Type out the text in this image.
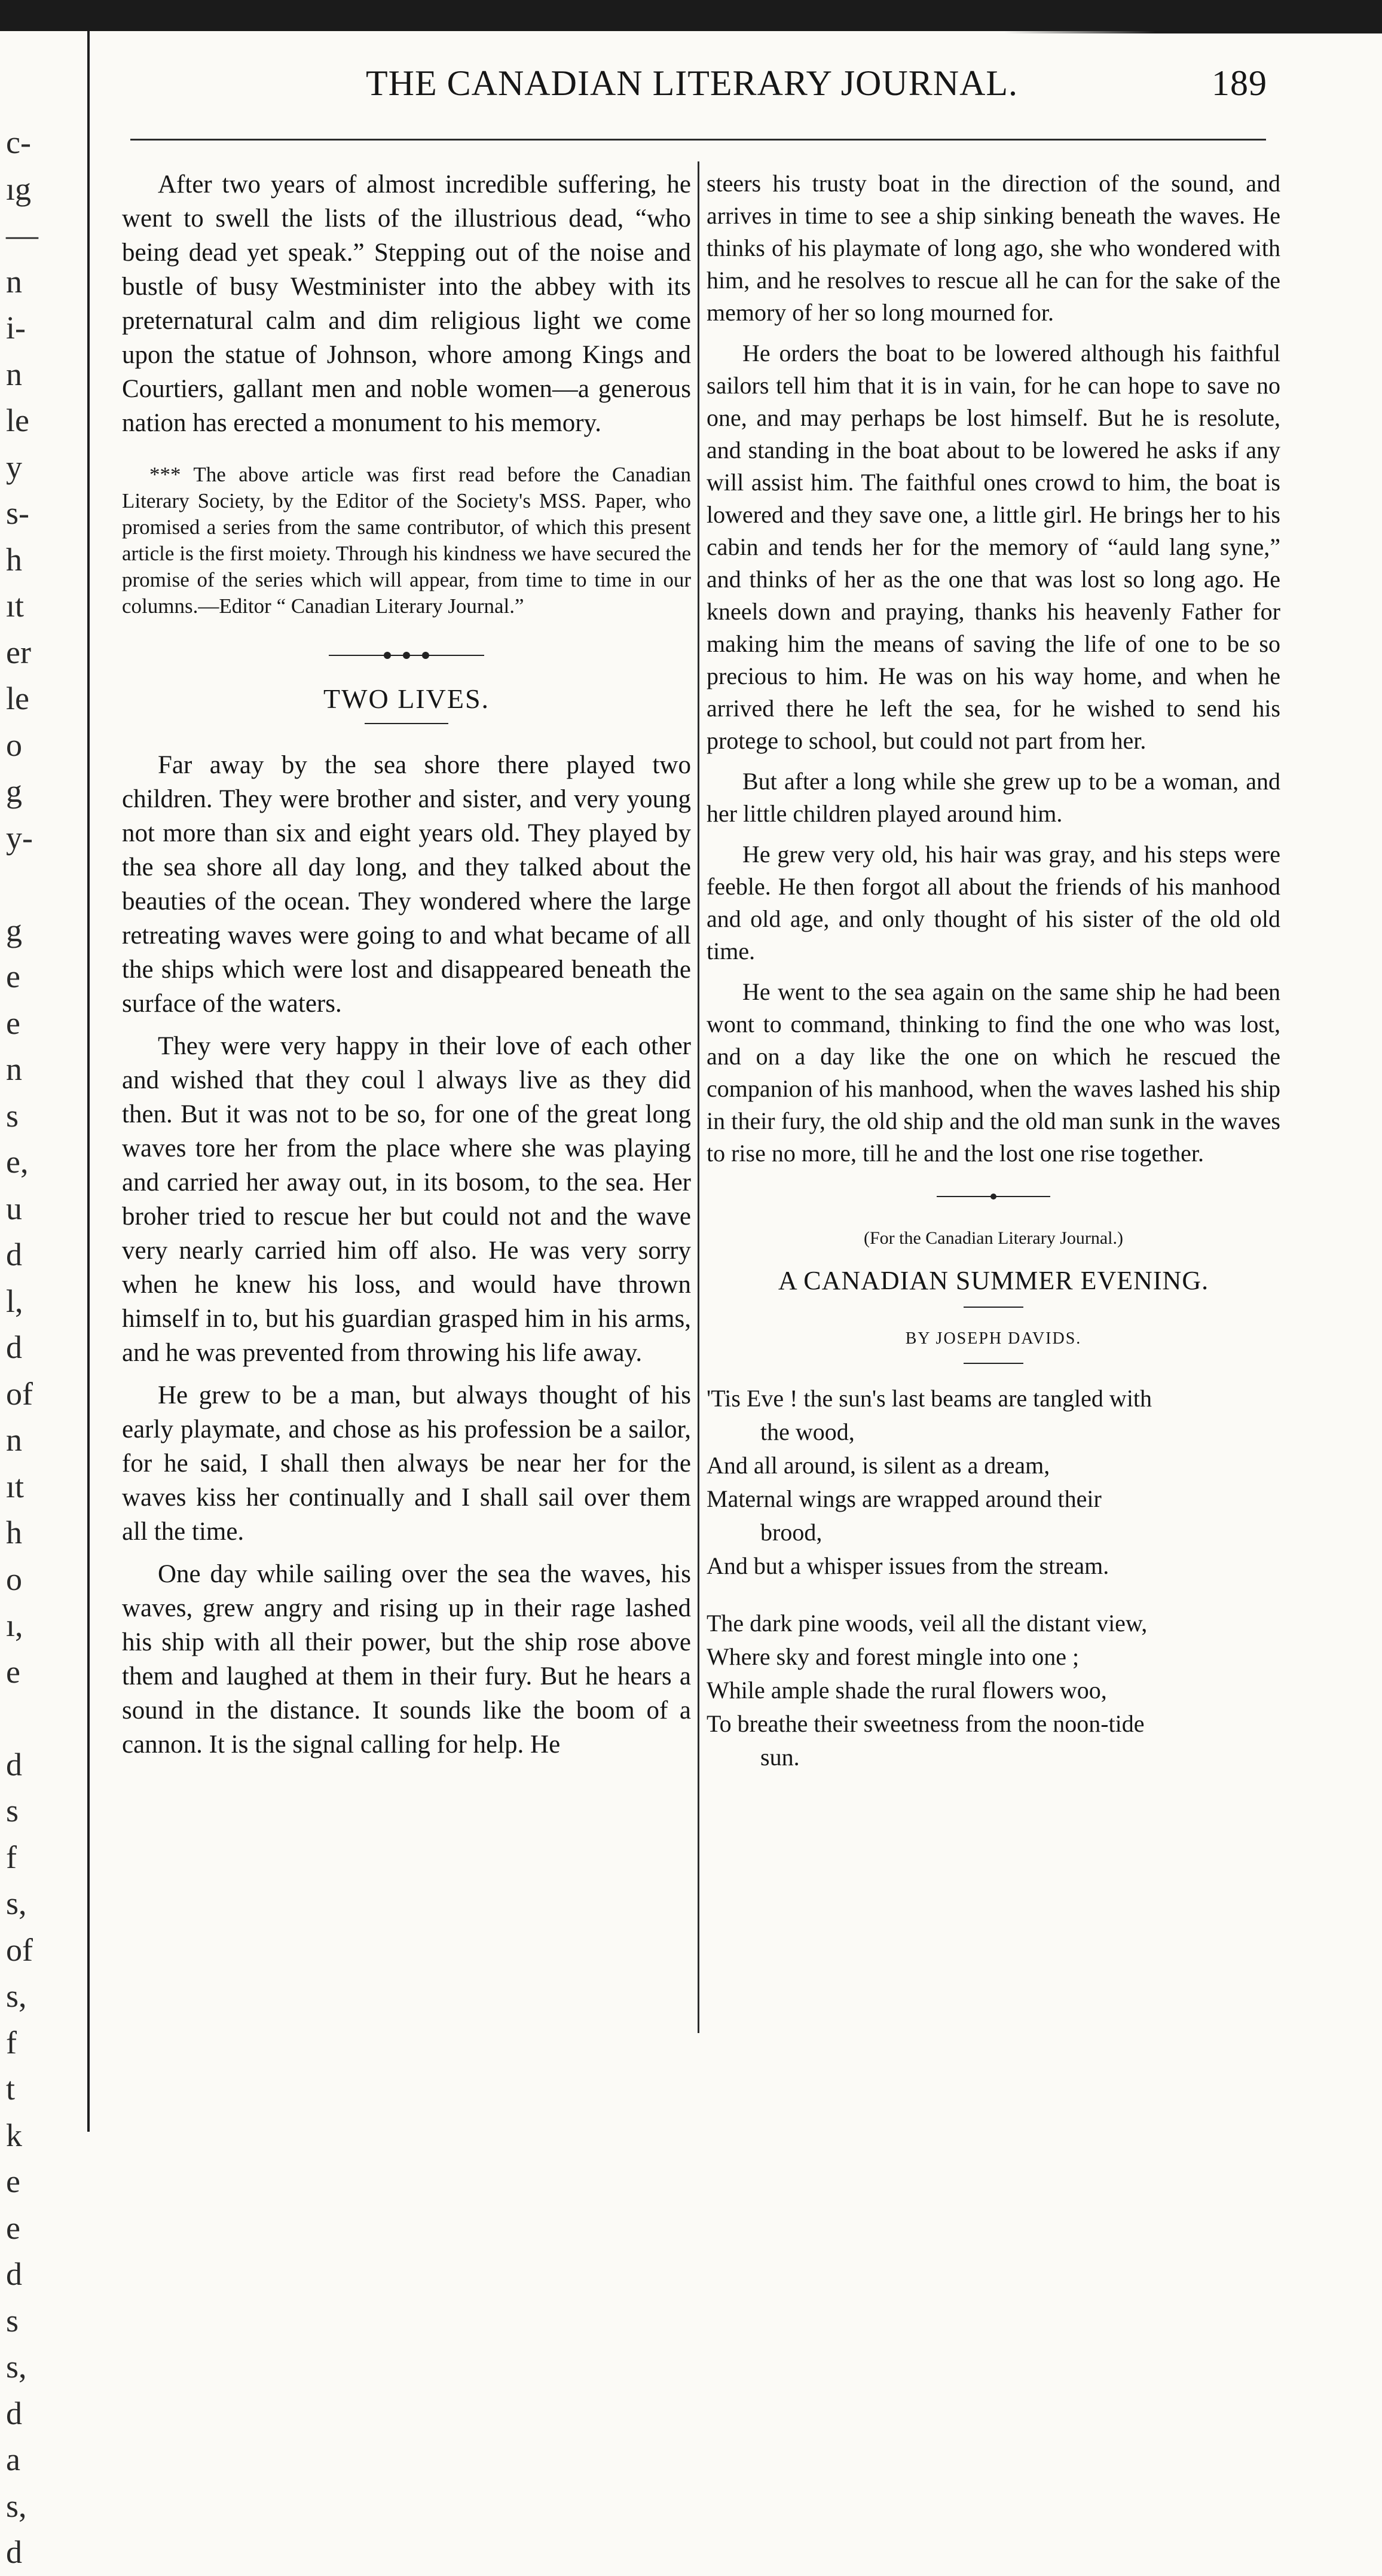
c-
ıg
—
n
i-
n
le
y
s-
h
ıt
er
le
o
g
y-
g
e
e
n
s
e,
u
d
l,
d
of
n
ıt
h
o
ı,
e
d
s
f
s,
of
s,
f
t
k
e
e
d
s
s,
d
a
s,
d
THE CANADIAN LITERARY JOURNAL.	189

After two years of almost incredible suffering, he went to swell the lists of the illustrious dead, “who being dead yet speak.” Stepping out of the noise and bustle of busy Westminister into the abbey with its preternatural calm and dim religious light we come upon the statue of Johnson, whore among Kings and Courtiers, gallant men and noble women—a generous nation has erected a monument to his memory.

*** The above article was first read before the Canadian Literary Society, by the Editor of the Society's MSS. Paper, who promised a series from the same contributor, of which this present article is the first moiety. Through his kindness we have secured the promise of the series which will appear, from time to time in our columns.—Editor “ Canadian Literary Journal.”

TWO LIVES.

Far away by the sea shore there played two children. They were brother and sister, and very young not more than six and eight years old. They played by the sea shore all day long, and they talked about the beauties of the ocean. They wondered where the large retreating waves were going to and what became of all the ships which were lost and disappeared beneath the surface of the waters.

They were very happy in their love of each other and wished that they coul l always live as they did then. But it was not to be so, for one of the great long waves tore her from the place where she was playing and carried her away out, in its bosom, to the sea. Her broher tried to rescue her but could not and the wave very nearly carried him off also. He was very sorry when he knew his loss, and would have thrown himself in to, but his guardian grasped him in his arms, and he was prevented from throwing his life away.

He grew to be a man, but always thought of his early playmate, and chose as his profession be a sailor, for he said, I shall then always be near her for the waves kiss her continually and I shall sail over them all the time.

One day while sailing over the sea the waves, his waves, grew angry and rising up in their rage lashed his ship with all their power, but the ship rose above them and laughed at them in their fury. But he hears a sound in the distance. It sounds like the boom of a cannon. It is the signal calling for help. He

steers his trusty boat in the direction of the sound, and arrives in time to see a ship sinking beneath the waves. He thinks of his playmate of long ago, she who wondered with him, and he resolves to rescue all he can for the sake of the memory of her so long mourned for.

He orders the boat to be lowered although his faithful sailors tell him that it is in vain, for he can hope to save no one, and may perhaps be lost himself. But he is resolute, and standing in the boat about to be lowered he asks if any will assist him. The faithful ones crowd to him, the boat is lowered and they save one, a little girl. He brings her to his cabin and tends her for the memory of “auld lang syne,” and thinks of her as the one that was lost so long ago. He kneels down and praying, thanks his heavenly Father for making him the means of saving the life of one to be so precious to him. He was on his way home, and when he arrived there he left the sea, for he wished to send his protege to school, but could not part from her.

But after a long while she grew up to be a woman, and her little children played around him.

He grew very old, his hair was gray, and his steps were feeble. He then forgot all about the friends of his manhood and old age, and only thought of his sister of the old old time.

He went to the sea again on the same ship he had been wont to command, thinking to find the one who was lost, and on a day like the one on which he rescued the companion of his manhood, when the waves lashed his ship in their fury, the old ship and the old man sunk in the waves to rise no more, till he and the lost one rise together.

(For the Canadian Literary Journal.)
A CANADIAN SUMMER EVENING.
BY JOSEPH DAVIDS.
'Tis Eve ! the sun's last beams are tangled with
the wood,
And all around, is silent as a dream,
Maternal wings are wrapped around their
brood,
And but a whisper issues from the stream.
The dark pine woods, veil all the distant view,
Where sky and forest mingle into one ;
While ample shade the rural flowers woo,
To breathe their sweetness from the noon-tide
sun.
